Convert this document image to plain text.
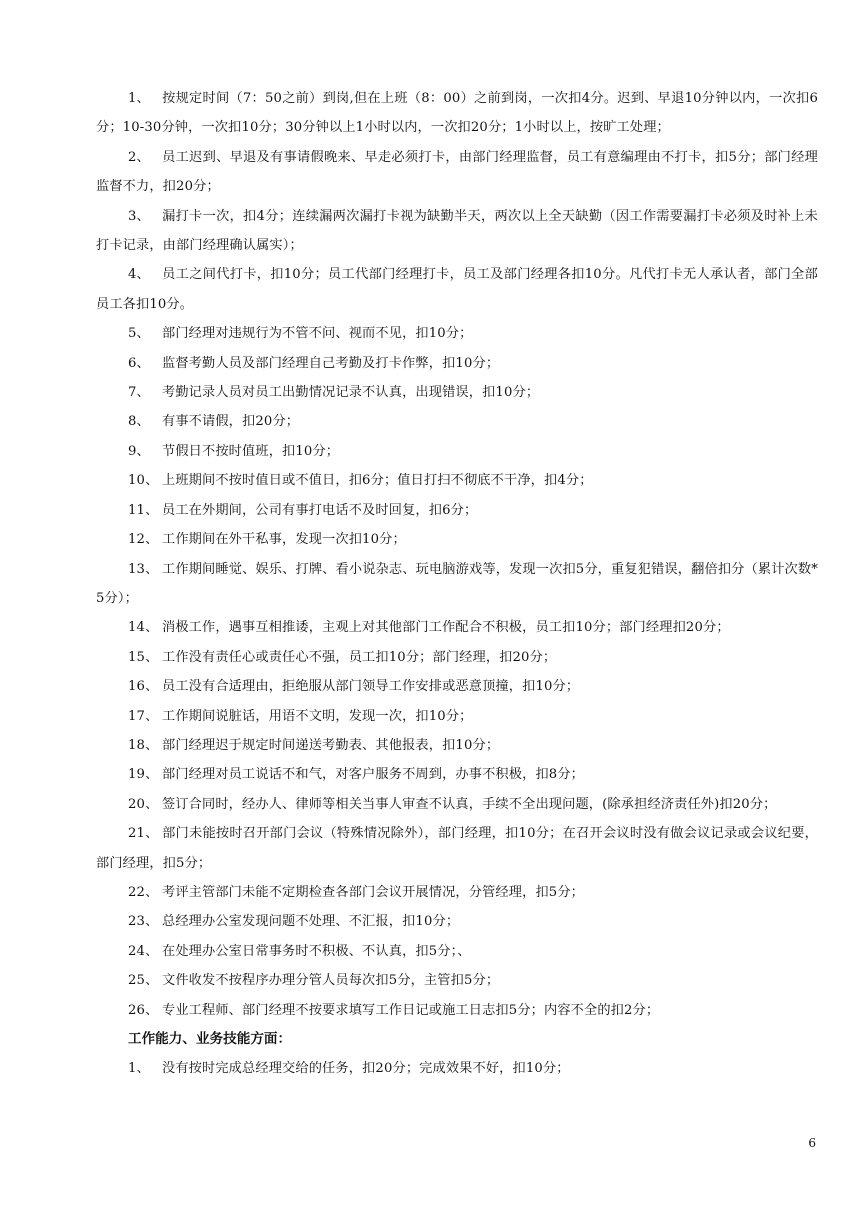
1、 按规定时间（7：50之前）到岗,但在上班（8：00）之前到岗，一次扣4分。迟到、早退10分钟以内，一次扣6分；10-30分钟，一次扣10分；30分钟以上1小时以内，一次扣20分；1小时以上，按旷工处理；

2、 员工迟到、早退及有事请假晚来、早走必须打卡，由部门经理监督，员工有意编理由不打卡，扣5分；部门经理监督不力，扣20分；

3、 漏打卡一次，扣4分；连续漏两次漏打卡视为缺勤半天，两次以上全天缺勤（因工作需要漏打卡必须及时补上未打卡记录，由部门经理确认属实）；

4、 员工之间代打卡，扣10分；员工代部门经理打卡，员工及部门经理各扣10分。凡代打卡无人承认者，部门全部员工各扣10分。

5、 部门经理对违规行为不管不问、视而不见，扣10分；

6、 监督考勤人员及部门经理自己考勤及打卡作弊，扣10分；

7、 考勤记录人员对员工出勤情况记录不认真，出现错误，扣10分；

8、 有事不请假，扣20分；

9、 节假日不按时值班，扣10分；

10、 上班期间不按时值日或不值日，扣6分；值日打扫不彻底不干净，扣4分；

11、 员工在外期间，公司有事打电话不及时回复，扣6分；

12、 工作期间在外干私事，发现一次扣10分；

13、 工作期间睡觉、娱乐、打牌、看小说杂志、玩电脑游戏等，发现一次扣5分，重复犯错误，翻倍扣分（累计次数*5分）；

14、 消极工作，遇事互相推诿，主观上对其他部门工作配合不积极，员工扣10分；部门经理扣20分；

15、 工作没有责任心或责任心不强，员工扣10分；部门经理，扣20分；

16、 员工没有合适理由，拒绝服从部门领导工作安排或恶意顶撞，扣10分；

17、 工作期间说脏话，用语不文明，发现一次，扣10分；

18、 部门经理迟于规定时间递送考勤表、其他报表，扣10分；

19、 部门经理对员工说话不和气，对客户服务不周到，办事不积极，扣8分；

20、 签订合同时，经办人、律师等相关当事人审查不认真，手续不全出现问题，(除承担经济责任外)扣20分；

21、 部门未能按时召开部门会议（特殊情况除外），部门经理，扣10分；在召开会议时没有做会议记录或会议纪要，部门经理，扣5分；

22、 考评主管部门未能不定期检查各部门会议开展情况，分管经理，扣5分；

23、 总经理办公室发现问题不处理、不汇报，扣10分；

24、 在处理办公室日常事务时不积极、不认真，扣5分；、

25、 文件收发不按程序办理分管人员每次扣5分，主管扣5分；

26、 专业工程师、部门经理不按要求填写工作日记或施工日志扣5分；内容不全的扣2分；

工作能力、业务技能方面：

1、 没有按时完成总经理交给的任务，扣20分；完成效果不好，扣10分；

6
